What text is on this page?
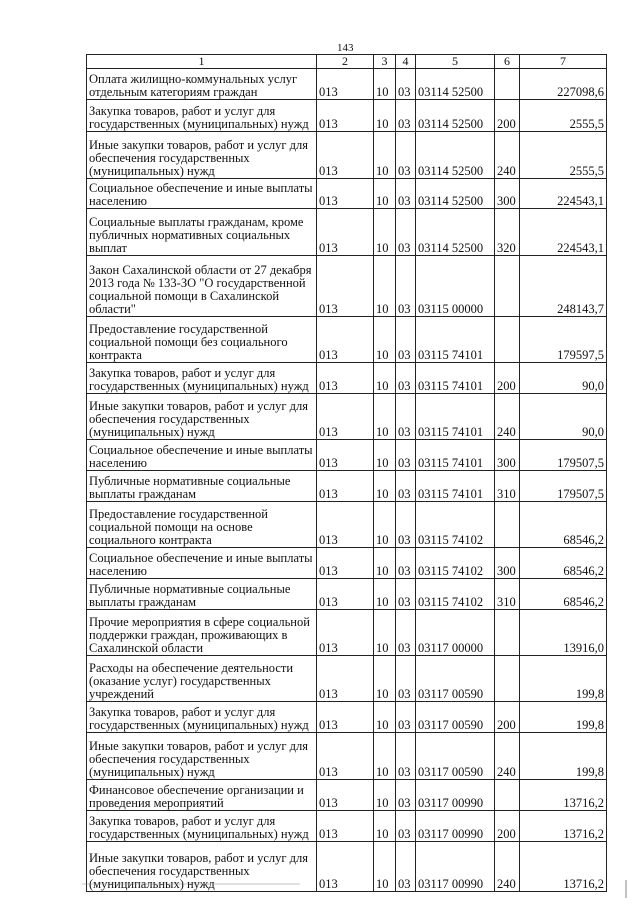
143
1	2	3	4	5	6	7
Оплата жилищно-коммунальных услуг отдельным категориям граждан	013	10	03	03114 52500		227098,6
Закупка товаров, работ и услуг для государственных (муниципальных) нужд	013	10	03	03114 52500	200	2555,5
Иные закупки товаров, работ и услуг для обеспечения государственных (муниципальных) нужд	013	10	03	03114 52500	240	2555,5
Социальное обеспечение и иные выплаты населению	013	10	03	03114 52500	300	224543,1
Социальные выплаты гражданам, кроме публичных нормативных социальных выплат	013	10	03	03114 52500	320	224543,1
Закон Сахалинской области от 27 декабря 2013 года № 133-ЗО "О государственной социальной помощи в Сахалинской области"	013	10	03	03115 00000		248143,7
Предоставление государственной социальной помощи без социального контракта	013	10	03	03115 74101		179597,5
Закупка товаров, работ и услуг для государственных (муниципальных) нужд	013	10	03	03115 74101	200	90,0
Иные закупки товаров, работ и услуг для обеспечения государственных (муниципальных) нужд	013	10	03	03115 74101	240	90,0
Социальное обеспечение и иные выплаты населению	013	10	03	03115 74101	300	179507,5
Публичные нормативные социальные выплаты гражданам	013	10	03	03115 74101	310	179507,5
Предоставление государственной социальной помощи на основе социального контракта	013	10	03	03115 74102		68546,2
Социальное обеспечение и иные выплаты населению	013	10	03	03115 74102	300	68546,2
Публичные нормативные социальные выплаты гражданам	013	10	03	03115 74102	310	68546,2
Прочие мероприятия в сфере социальной поддержки граждан, проживающих в Сахалинской области	013	10	03	03117 00000		13916,0
Расходы на обеспечение деятельности (оказание услуг) государственных учреждений	013	10	03	03117 00590		199,8
Закупка товаров, работ и услуг для государственных (муниципальных) нужд	013	10	03	03117 00590	200	199,8
Иные закупки товаров, работ и услуг для обеспечения государственных (муниципальных) нужд	013	10	03	03117 00590	240	199,8
Финансовое обеспечение организации и проведения мероприятий	013	10	03	03117 00990		13716,2
Закупка товаров, работ и услуг для государственных (муниципальных) нужд	013	10	03	03117 00990	200	13716,2
Иные закупки товаров, работ и услуг для обеспечения государственных (муниципальных) нужд	013	10	03	03117 00990	240	13716,2
